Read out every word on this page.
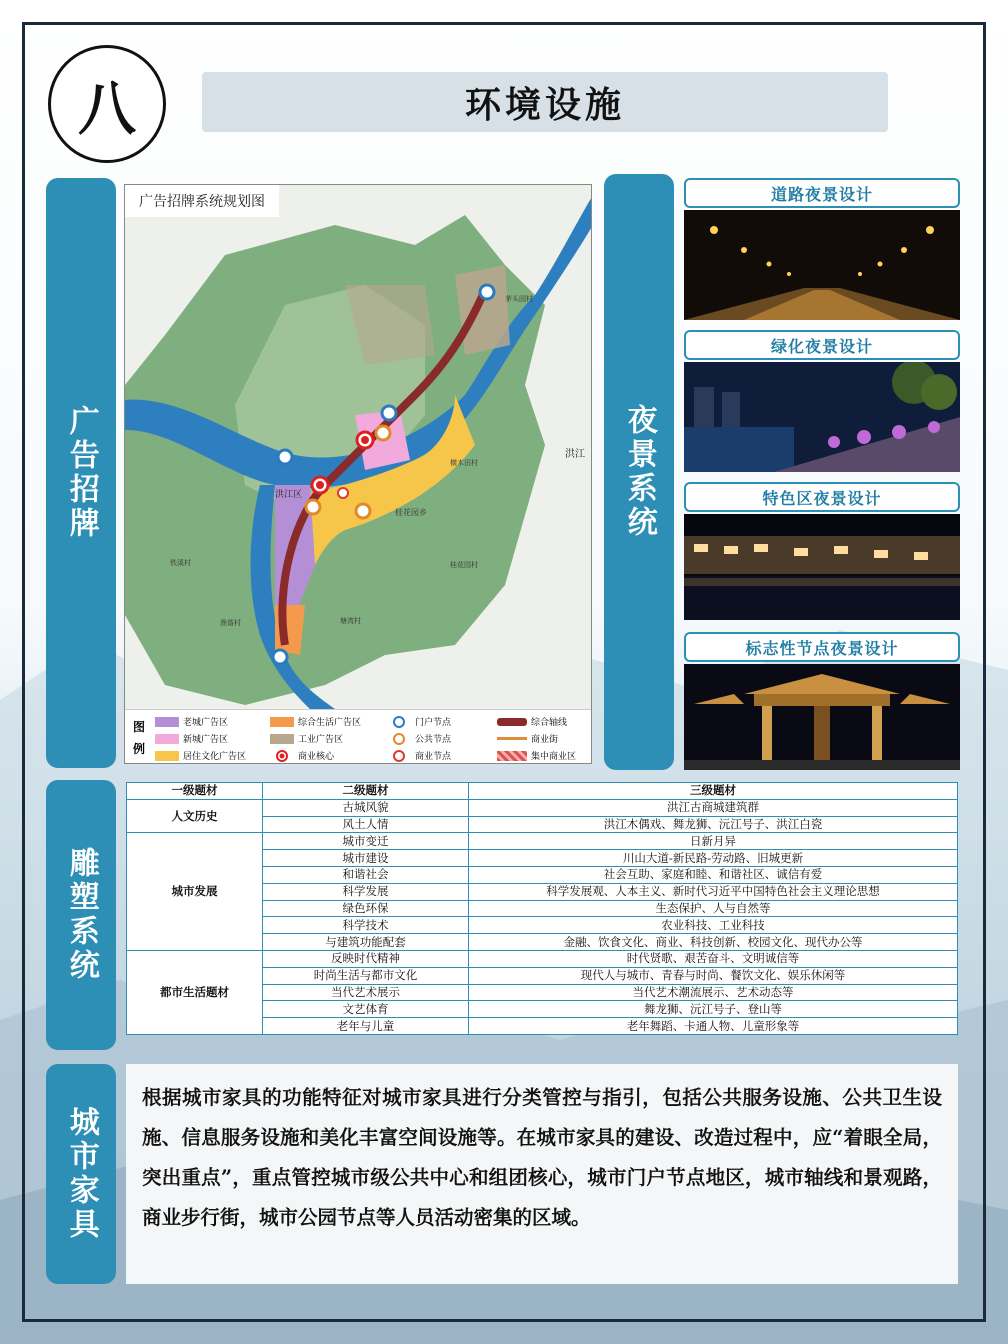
八	环境设施
广告招牌	夜景系统
雕塑系统
城市家具
洪江区
洪江
桂花园乡
茅头园村
横木田村
铁溪村
渔谐村	塘湾村
桂花园村
广告招牌系统规划图
图例
老城广告区
新城广告区
居住文化广告区
综合生活广告区
工业广告区
商业核心
门户节点
公共节点
商业节点
综合轴线
商业街
集中商业区
道路夜景设计
绿化夜景设计
特色区夜景设计
标志性节点夜景设计
一级题材	二级题材	三级题材
人文历史	古城风貌	洪江古商城建筑群
	风土人情	洪江木偶戏、舞龙狮、沅江号子、洪江白瓷
城市发展	城市变迁	日新月异
	城市建设	川山大道-新民路-劳动路、旧城更新
	和谐社会	社会互助、家庭和睦、和谐社区、诚信有爱
	科学发展	科学发展观、人本主义、新时代习近平中国特色社会主义理论思想
	绿色环保	生态保护、人与自然等
	科学技术	农业科技、工业科技
	与建筑功能配套	金融、饮食文化、商业、科技创新、校园文化、现代办公等
都市生活题材	反映时代精神	时代贤歌、艰苦奋斗、文明诚信等
	时尚生活与都市文化	现代人与城市、青春与时尚、餐饮文化、娱乐休闲等
	当代艺术展示	当代艺术潮流展示、艺术动态等
	文艺体育	舞龙狮、沅江号子、登山等
	老年与儿童	老年舞蹈、卡通人物、儿童形象等
根据城市家具的功能特征对城市家具进行分类管控与指引，包括公共服务设施、公共卫生设施、信息服务设施和美化丰富空间设施等。在城市家具的建设、改造过程中，应“着眼全局，突出重点”，重点管控城市级公共中心和组团核心，城市门户节点地区，城市轴线和景观路，商业步行街，城市公园节点等人员活动密集的区域。
